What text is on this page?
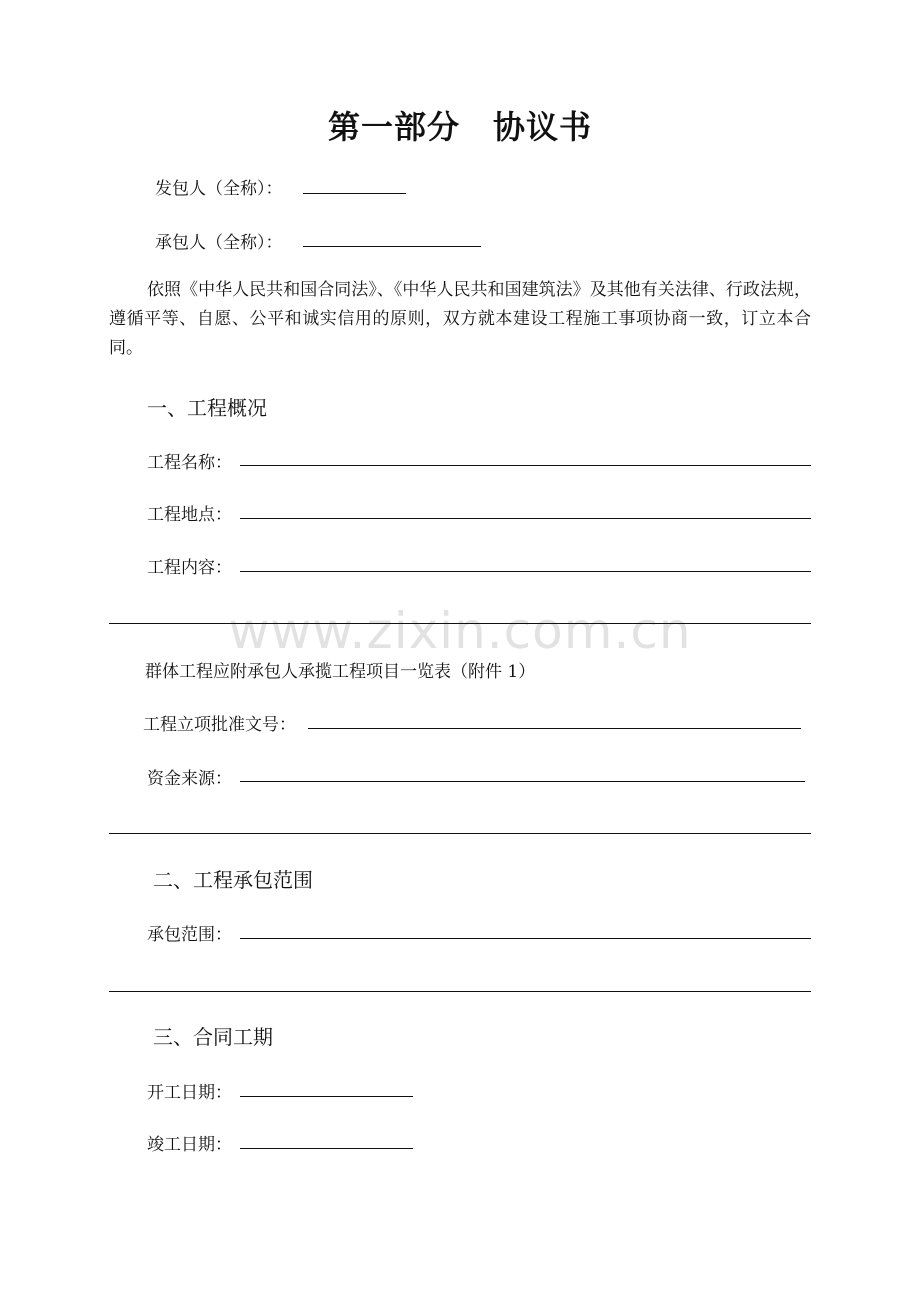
www.zixin.com.cn
第一部分　协议书
发包人（全称）：
承包人（全称）：
依照《中华人民共和国合同法》、《中华人民共和国建筑法》及其他有关法律、行政法规，遵循平等、自愿、公平和诚实信用的原则，双方就本建设工程施工事项协商一致，订立本合同。
一、工程概况
工程名称：
工程地点：
工程内容：
群体工程应附承包人承揽工程项目一览表（附件 1）
工程立项批准文号：
资金来源：
二、工程承包范围
承包范围：
三、合同工期
开工日期：
竣工日期：
